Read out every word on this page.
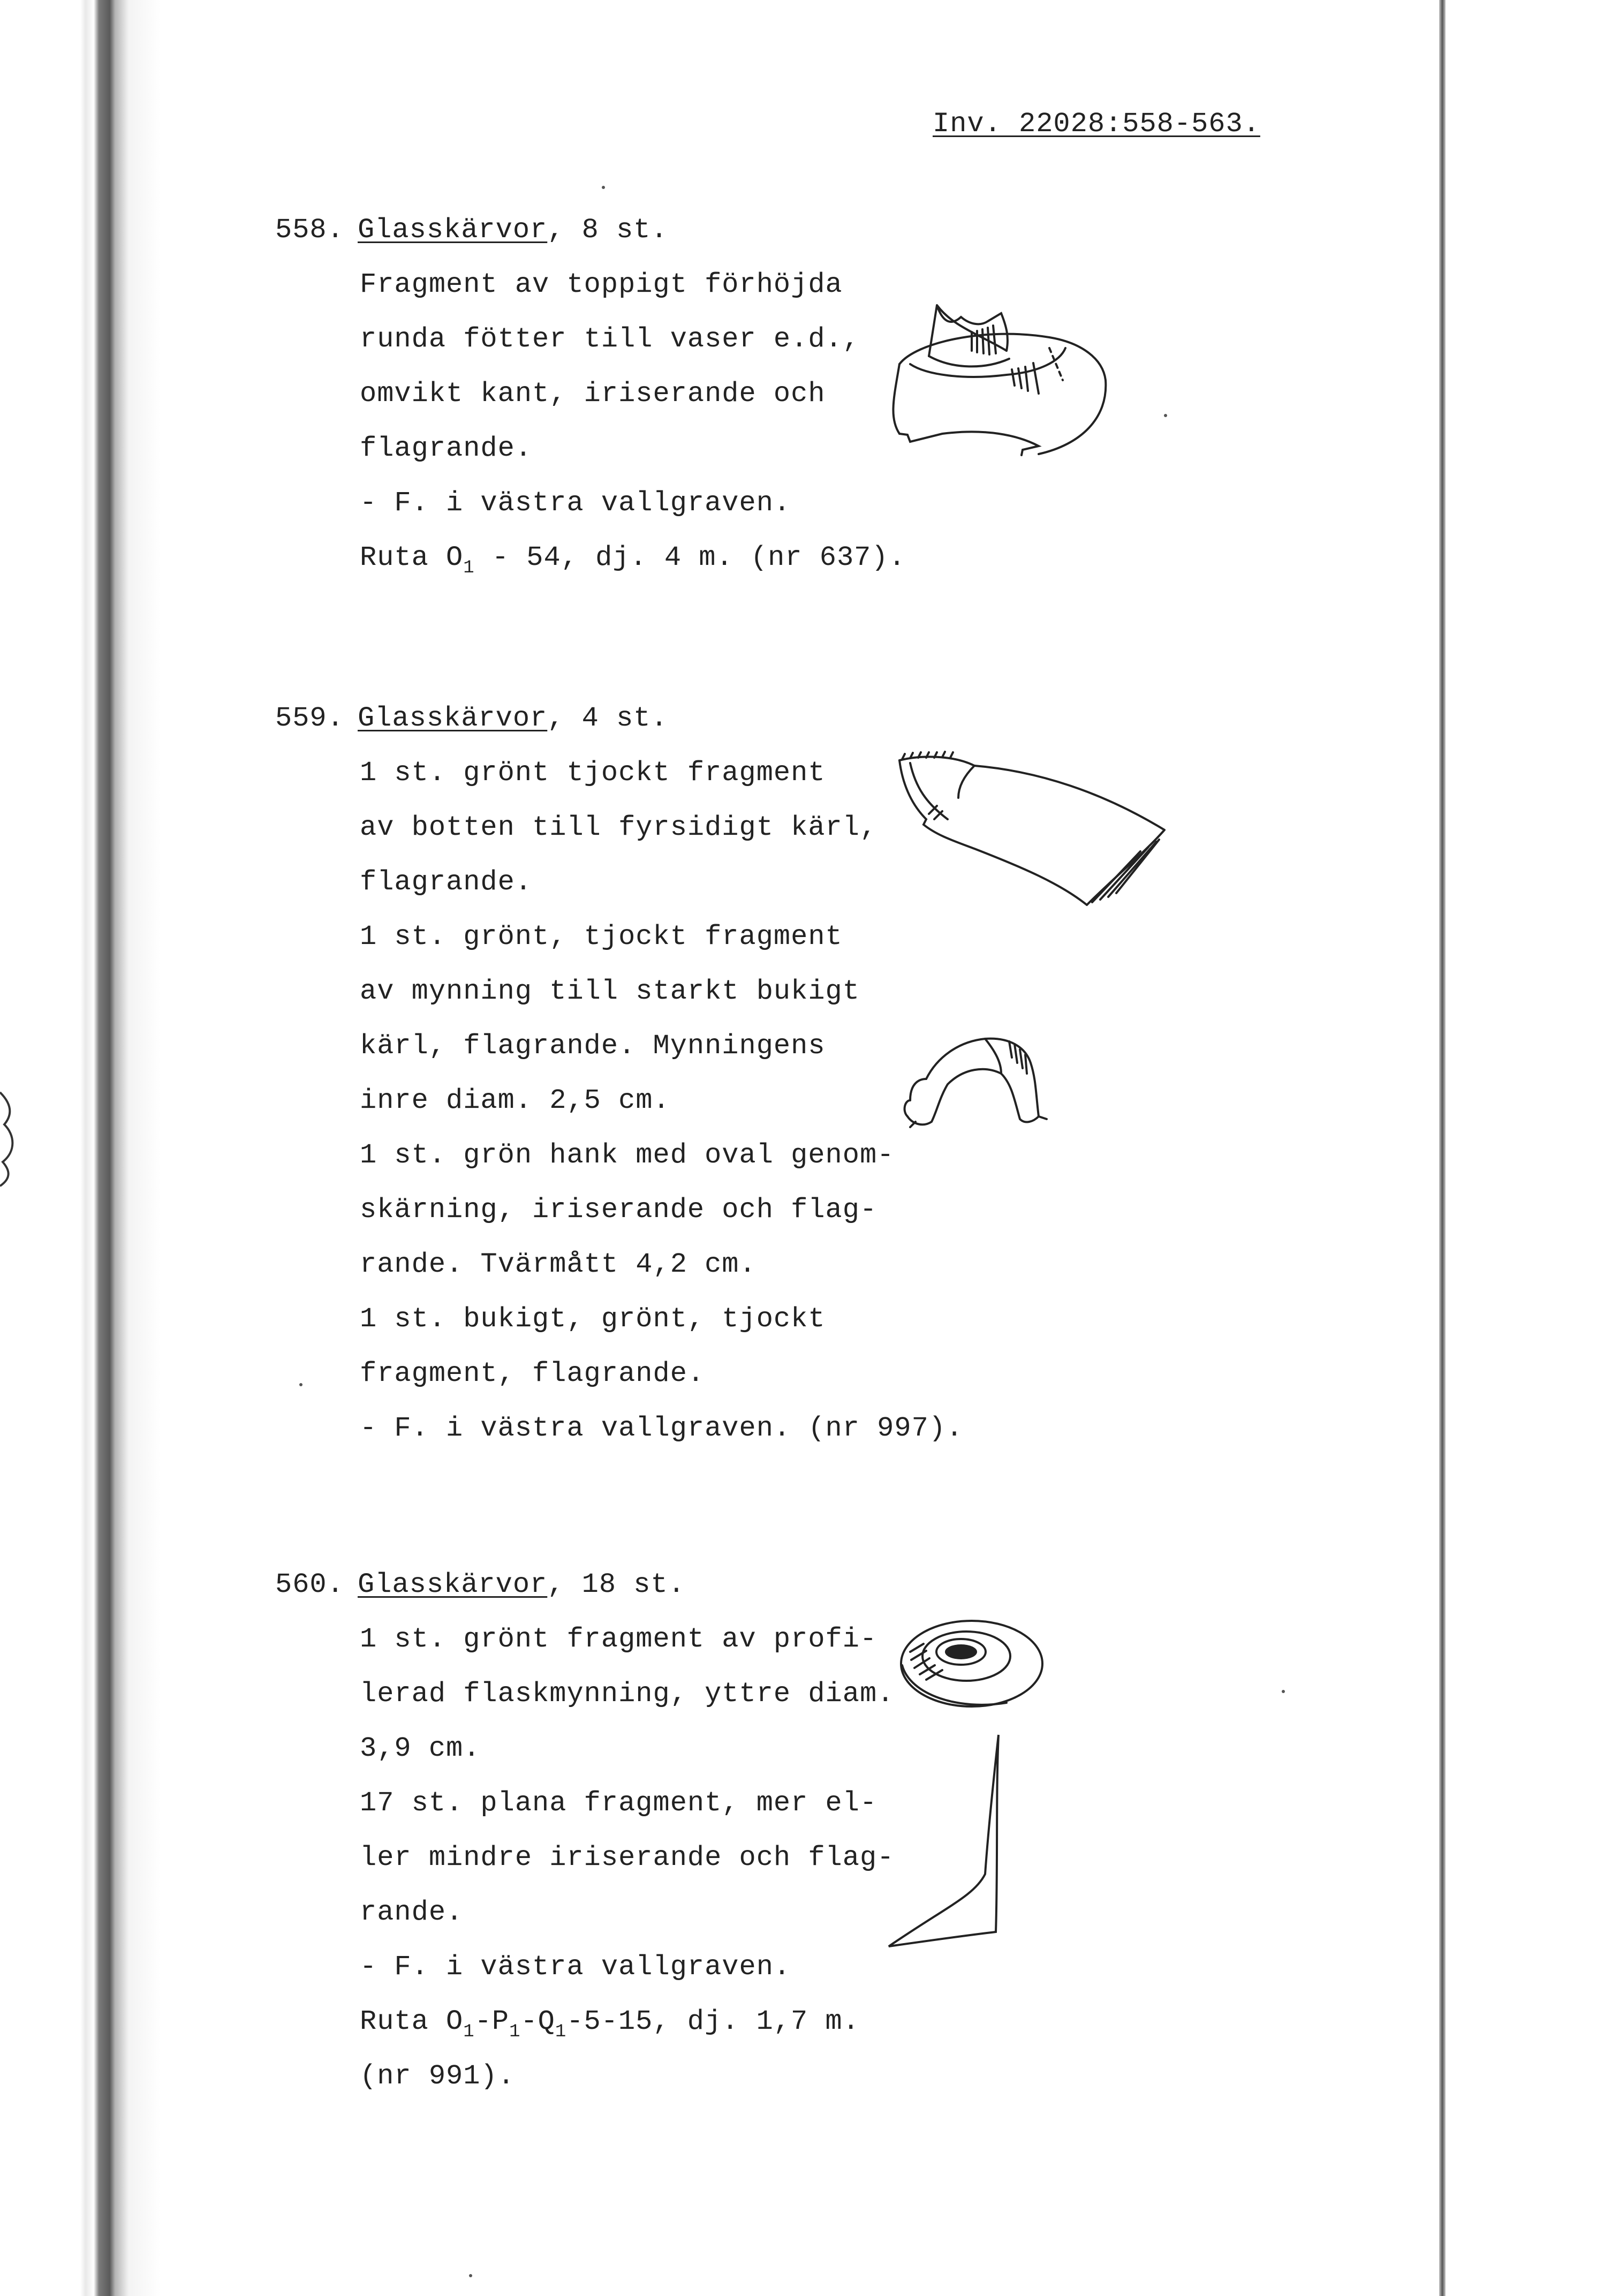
Inv. 22028:558-563.
558. Glasskärvor, 8 st.
Fragment av toppigt förhöjda
runda fötter till vaser e.d.,
omvikt kant, iriserande och
flagrande.
- F. i västra vallgraven.
Ruta $O_1 - 54$, dj. 4 m. (nr 637).
559. Glasskärvor, 4 st.
1 st. grönt tjockt fragment
av botten till fyrsidigt kärl,
flagrande.
1 st. grönt, tjockt fragment
av mynning till starkt bukigt
kärl, flagrande. Mynningens
inre diam. 2,5 cm.
1 st. grön hank med oval genom-
skärning, iriserande och flag-
rande. Tvärmått 4,2 cm.
1 st. bukigt, grönt, tjockt
fragment, flagrande.
- F. i västra vallgraven. (nr 997).
560. Glasskärvor, 18 st.
1 st. grönt fragment av profi-
lerad flaskmynning, yttre diam.
3,9 cm.
17 st. plana fragment, mer el-
ler mindre iriserande och flag-
rande.
- F. i västra vallgraven.
Ruta $O_1-P_1-Q_1-5-15$, dj. 1,7 m.
(nr 991).
